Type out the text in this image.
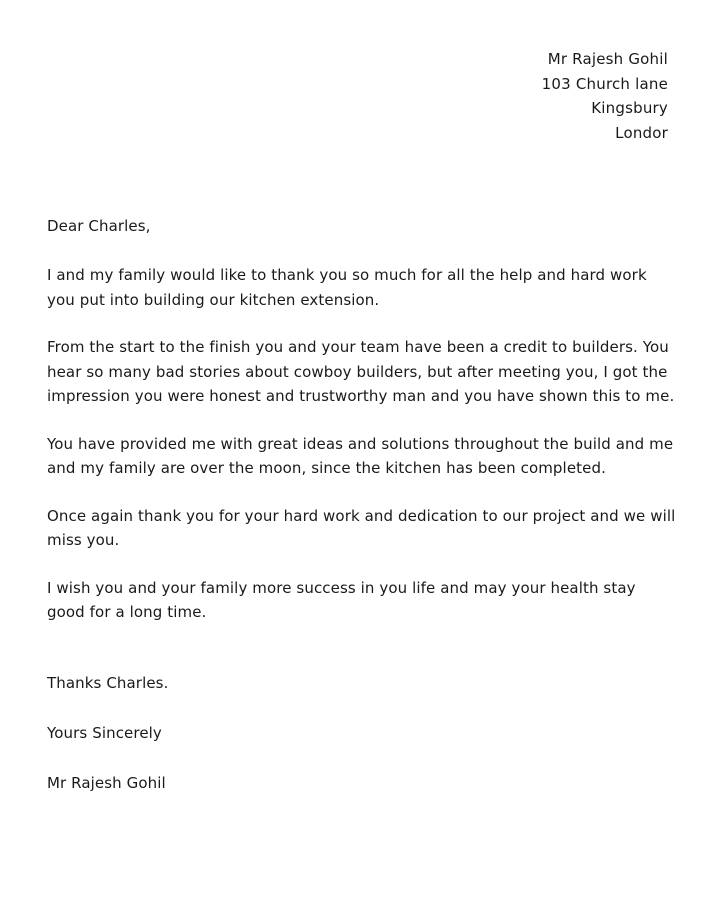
Mr Rajesh Gohil
103 Church lane
Kingsbury
Londor

Dear Charles,

I and my family would like to thank you so much for all the help and hard work you put into building our kitchen extension.

From the start to the finish you and your team have been a credit to builders. You hear so many bad stories about cowboy builders, but after meeting you, I got the impression you were honest and trustworthy man and you have shown this to me.

You have provided me with great ideas and solutions throughout the build and me and my family are over the moon, since the kitchen has been completed.

Once again thank you for your hard work and dedication to our project and we will miss you.

I wish you and your family more success in you life and may your health stay good for a long time.

Thanks Charles.

Yours Sincerely

Mr Rajesh Gohil
